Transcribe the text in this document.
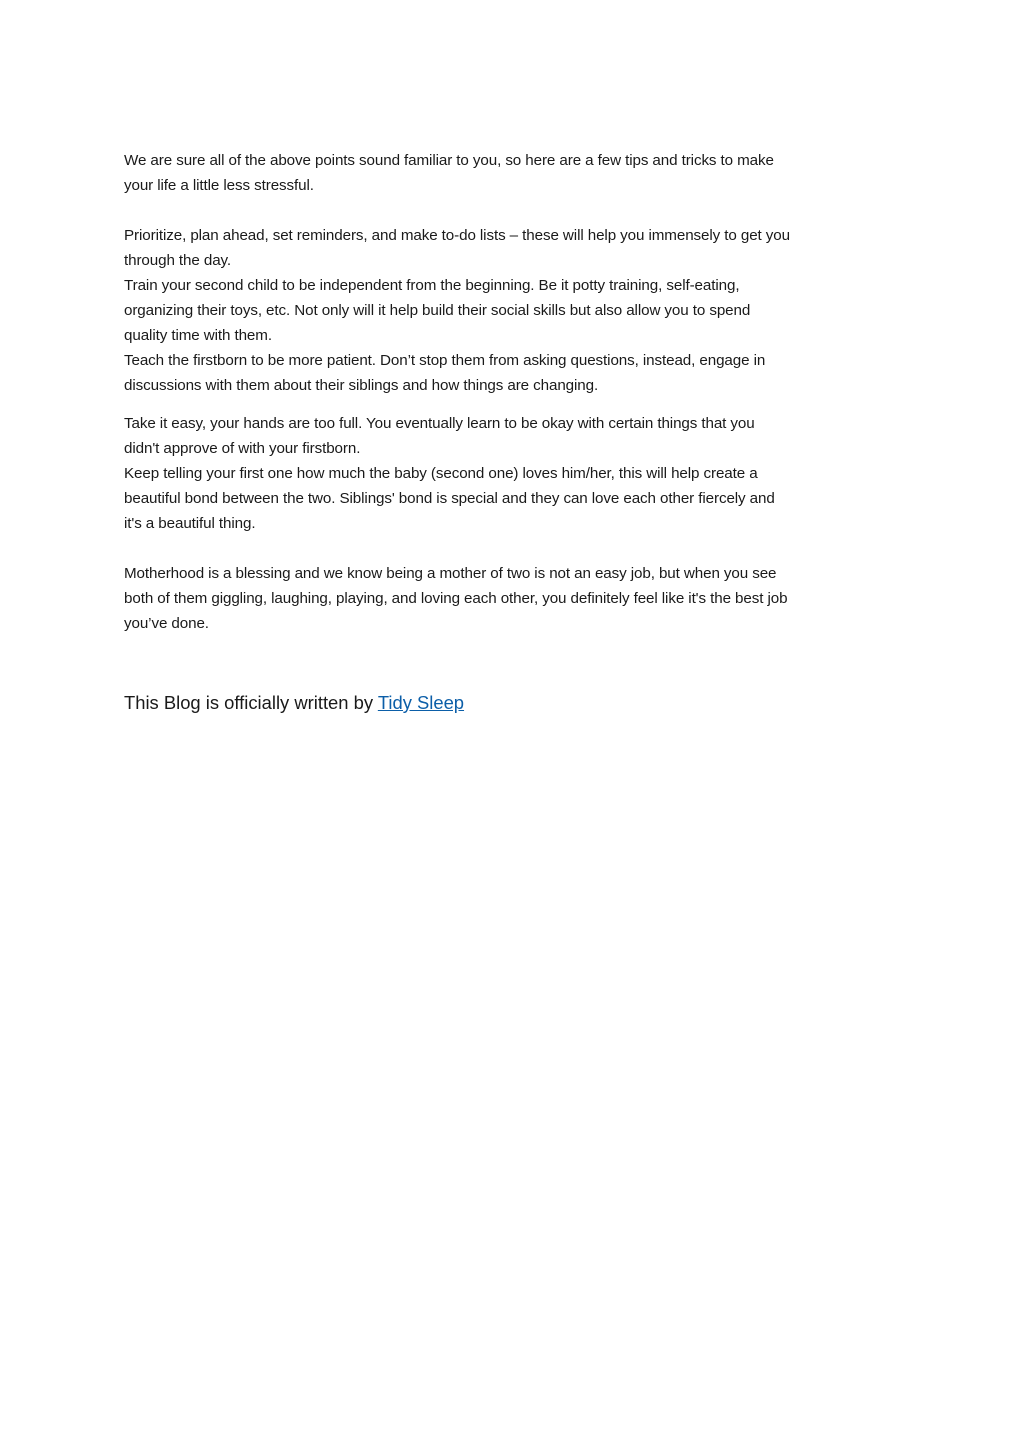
We are sure all of the above points sound familiar to you, so here are a few tips and tricks to make
your life a little less stressful.

Prioritize, plan ahead, set reminders, and make to-do lists – these will help you immensely to get you
through the day.
Train your second child to be independent from the beginning. Be it potty training, self-eating,
organizing their toys, etc. Not only will it help build their social skills but also allow you to spend
quality time with them.
Teach the firstborn to be more patient. Don’t stop them from asking questions, instead, engage in
discussions with them about their siblings and how things are changing.

Take it easy, your hands are too full. You eventually learn to be okay with certain things that you
didn't approve of with your firstborn.
Keep telling your first one how much the baby (second one) loves him/her, this will help create a
beautiful bond between the two. Siblings' bond is special and they can love each other fiercely and
it's a beautiful thing.

Motherhood is a blessing and we know being a mother of two is not an easy job, but when you see
both of them giggling, laughing, playing, and loving each other, you definitely feel like it's the best job
you’ve done.

This Blog is officially written by Tidy Sleep
